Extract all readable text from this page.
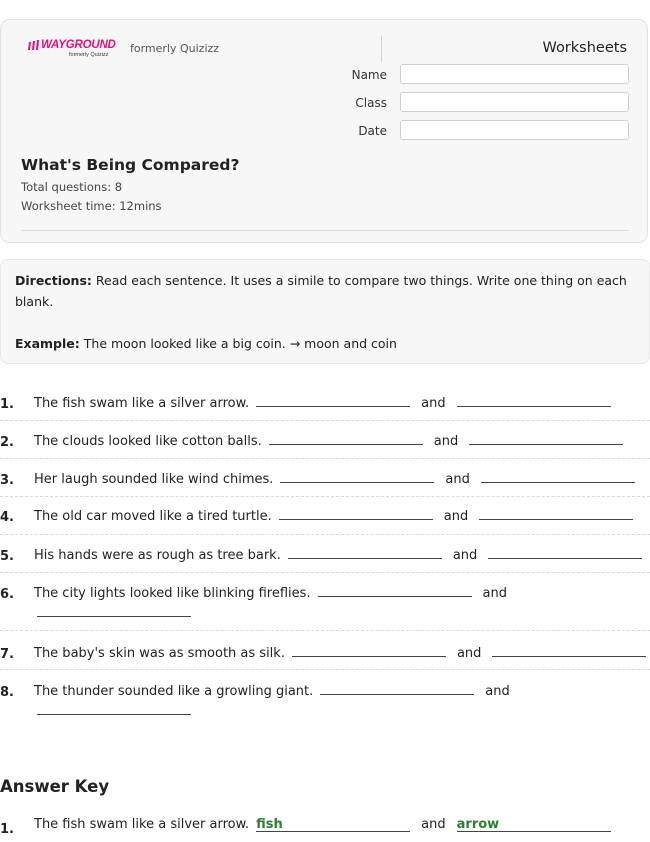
WAYGROUND
formerly Quizizz formerly Quizizz	Worksheets
Name
Class
Date
What's Being Compared?
Total questions: 8
Worksheet time: 12mins
Directions: Read each sentence. It uses a simile to compare two things. Write one thing on each blank.
Example: The moon looked like a big coin. → moon and coin
1. The fish swam like a silver arrow.	and
2. The clouds looked like cotton balls.	and
3. Her laugh sounded like wind chimes.	and
4. The old car moved like a tired turtle.	and
5. His hands were as rough as tree bark.	and
6. The city lights looked like blinking fireflies.	and
7. The baby's skin was as smooth as silk.	and
8. The thunder sounded like a growling giant.	and
Answer Key
1. The fish swam like a silver arrow. fish	and arrow
